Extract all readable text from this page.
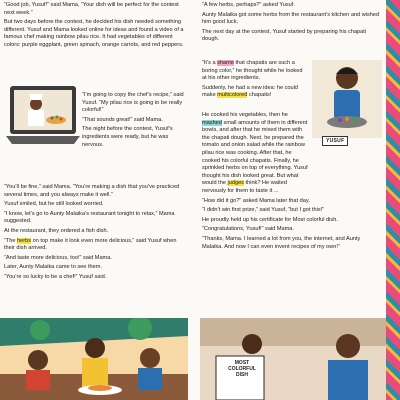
“Good job, Yusuf!” said Mama, “Your dish will be perfect for the contest next week.”

But two days before the contest, he decided his dish needed something different. Yusuf and Mama looked online for ideas and found a video of a famous chef making rainbow pilau rice. It had vegetables of different colors: purple eggplant, green spinach, orange carrots, and red peppers.

“I’m going to copy the chef’s recipe,” said Yusuf. “My pilau rice is going to be really colorful!”

“That sounds great!” said Mama.

The night before the contest, Yusuf’s ingredients were ready, but he was nervous.

“You’ll be fine,” said Mama. “You’re making a dish that you’ve practiced several times, and you always make it well.”

Yusuf smiled, but he still looked worried.

“I know, let’s go to Aunty Malaika’s restaurant tonight to relax,” Mama suggested.

At the restaurant, they ordered a fish dish.

“The herbs on top make it look even more delicious,” said Yusuf when their dish arrived.

“And taste more delicious, too!” said Mama.

Later, Aunty Malaika came to see them.

“You’re so lucky to be a chef!” Yusuf said.

“A few herbs, perhaps?” asked Yusuf.

Aunty Malaika got some herbs from the restaurant’s kitchen and wished him good luck.

The next day at the contest, Yusuf started by preparing his chapati dough.

“It’s a shame that chapatis are such a boring color,” he thought while he looked at his other ingredients.

Suddenly, he had a new idea: he could make multicolored chapatis!

YUSUF

He cooked his vegetables, then he mashed small amounts of them in different bowls, and after that he mixed them with the chapati dough. Next, he prepared the tomato and onion salad while the rainbow pilau rice was cooking. After that, he cooked his colorful chapatis. Finally, he sprinkled herbs on top of everything. Yusuf thought his dish looked great. But what would the judges think? He waited nervously for them to taste it ...

“How did it go?” asked Mama later that day.

“I didn’t win first prize,” said Yusuf, “but I got this!”

He proudly held up his certificate for Most colorful dish.

“Congratulations, Yusuf!” said Mama.

“Thanks, Mama. I learned a lot from you, the internet, and Aunty Malaika. And now I can even invent recipes of my own!”

MOST
COLORFUL
DISH
